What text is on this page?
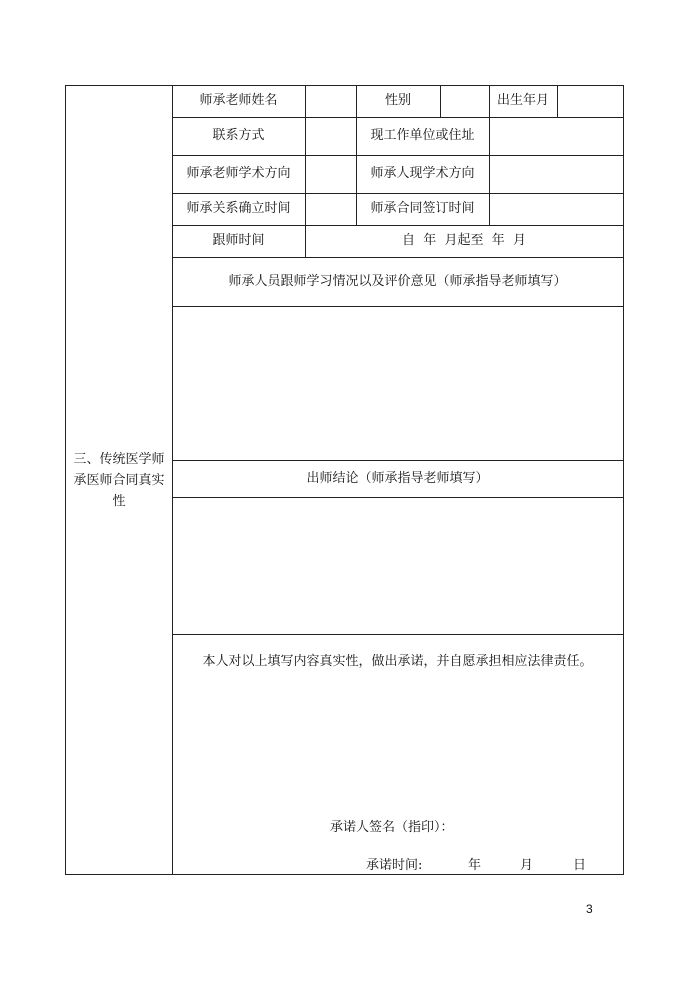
三、传统医学师承医师合同真实性
师承老师姓名	性别	出生年月
联系方式	现工作单位或住址
师承老师学术方向	师承人现学术方向
师承关系确立时间	师承合同签订时间
跟师时间	自  年  月起至  年  月
师承人员跟师学习情况以及评价意见（师承指导老师填写）
出师结论（师承指导老师填写）
本人对以上填写内容真实性，做出承诺，并自愿承担相应法律责任。
承诺人签名（指印）：
承诺时间:	年	月	日
3
